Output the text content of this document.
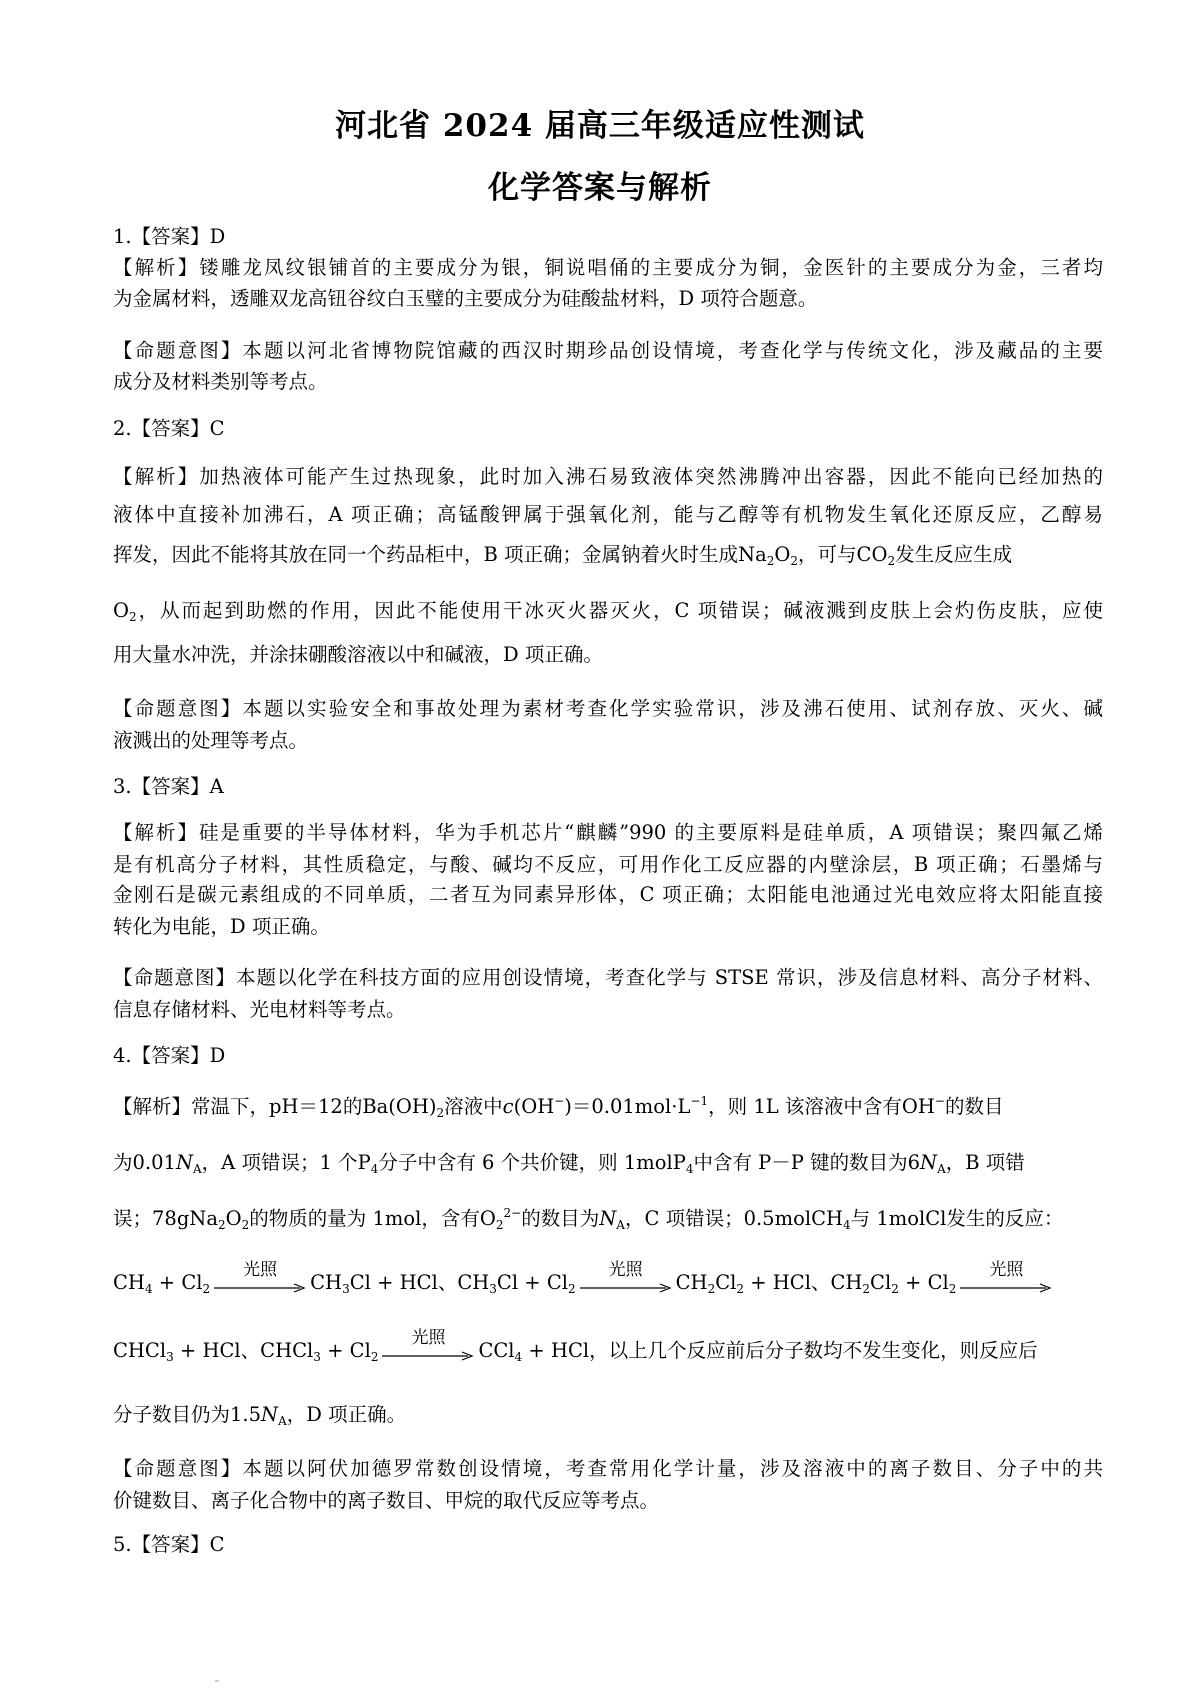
河北省 2024 届高三年级适应性测试
化学答案与解析
1.【答案】D
【解析】镂雕龙凤纹银铺首的主要成分为银，铜说唱俑的主要成分为铜，金医针的主要成分为金，三者均
为金属材料，透雕双龙高钮谷纹白玉璧的主要成分为硅酸盐材料，D 项符合题意。
【命题意图】本题以河北省博物院馆藏的西汉时期珍品创设情境，考查化学与传统文化，涉及藏品的主要
成分及材料类别等考点。
2.【答案】C
【解析】加热液体可能产生过热现象，此时加入沸石易致液体突然沸腾冲出容器，因此不能向已经加热的
液体中直接补加沸石，A 项正确；高锰酸钾属于强氧化剂，能与乙醇等有机物发生氧化还原反应，乙醇易
挥发，因此不能将其放在同一个药品柜中，B 项正确；金属钠着火时生成$Na_2O_2$，可与$CO_2$发生反应生成
$O_2$，从而起到助燃的作用，因此不能使用干冰灭火器灭火，C 项错误；碱液溅到皮肤上会灼伤皮肤，应使
用大量水冲洗，并涂抹硼酸溶液以中和碱液，D 项正确。
【命题意图】本题以实验安全和事故处理为素材考查化学实验常识，涉及沸石使用、试剂存放、灭火、碱
液溅出的处理等考点。
3.【答案】A
【解析】硅是重要的半导体材料，华为手机芯片“麒麟”990 的主要原料是硅单质，A 项错误；聚四氟乙烯
是有机高分子材料，其性质稳定，与酸、碱均不反应，可用作化工反应器的内壁涂层，B 项正确；石墨烯与
金刚石是碳元素组成的不同单质，二者互为同素异形体，C 项正确；太阳能电池通过光电效应将太阳能直接
转化为电能，D 项正确。
【命题意图】本题以化学在科技方面的应用创设情境，考查化学与 STSE 常识，涉及信息材料、高分子材料、
信息存储材料、光电材料等考点。
4.【答案】D
【解析】常温下，pH＝12的$Ba(OH)_2$溶液中$c(OH^-)=0.01mol\cdot L^{-1}$，则 1L 该溶液中含有OH−的数目
为$0.01N_A$，A 项错误；1 个$P_4$分子中含有 6 个共价键，则 1molP$_4$中含有 P－P 键的数目为$6N_A$，B 项错
误；$78gNa_2O_2$的物质的量为 1mol，含有$O_2^{2-}$的数目为$N_A$，C 项错误；0.5molCH$_4$与 1molCl发生的反应：
$CH_4 + Cl_2$
光照
$CH_3Cl$ + HCl、$CH_3Cl + Cl_2$
光照
$CH_2Cl_2$ + HCl、$CH_2Cl_2 + Cl_2$
光照
CHCl$_3$ + HCl、CHCl$_3$ + $Cl_2$
光照
CCl$_4$ + HCl，以上几个反应前后分子数均不发生变化，则反应后
分子数目仍为$1.5N_A$，D 项正确。
【命题意图】本题以阿伏加德罗常数创设情境，考查常用化学计量，涉及溶液中的离子数目、分子中的共
价键数目、离子化合物中的离子数目、甲烷的取代反应等考点。
5.【答案】C
